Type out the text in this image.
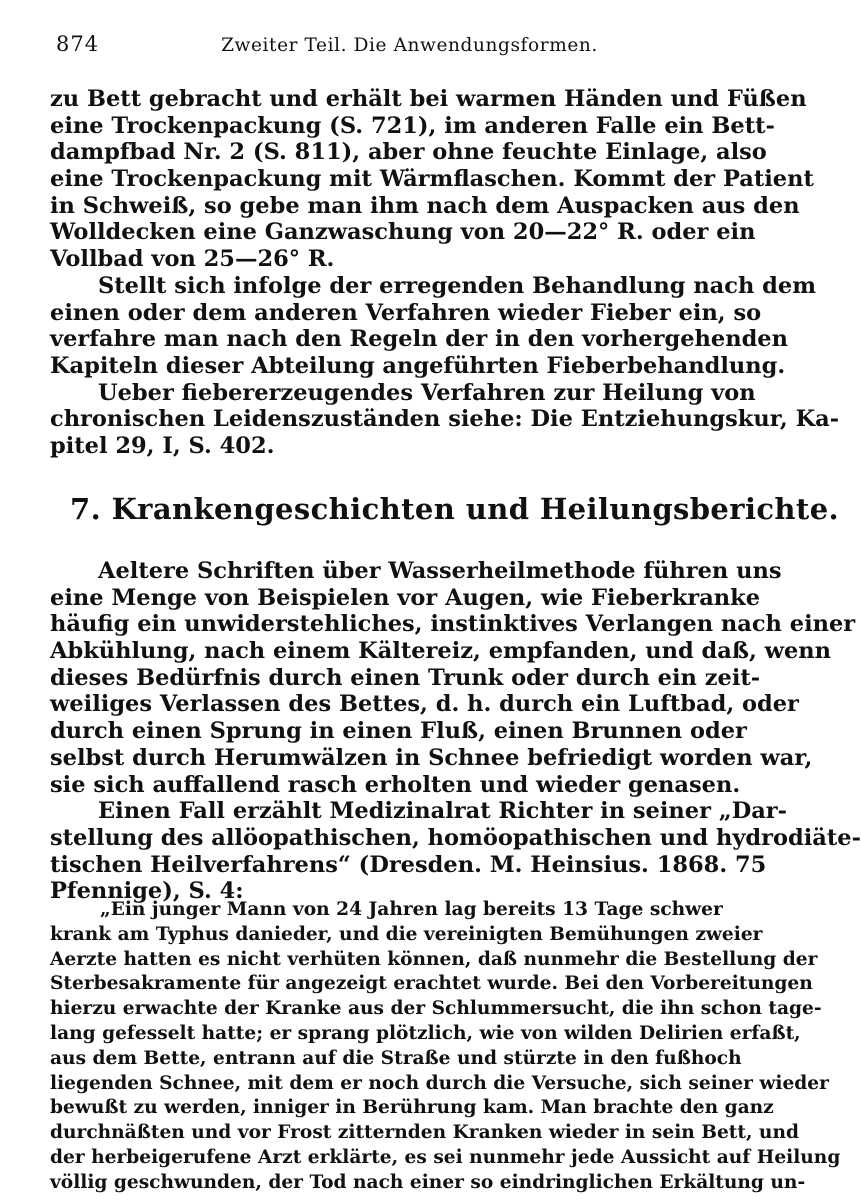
874	Zweiter Teil. Die Anwendungsformen.
zu Bett gebracht und erhält bei warmen Händen und Füßen
eine Trockenpackung (S. 721), im anderen Falle ein Bett-
dampfbad Nr. 2 (S. 811), aber ohne feuchte Einlage, also
eine Trockenpackung mit Wärmflaschen. Kommt der Patient
in Schweiß, so gebe man ihm nach dem Auspacken aus den
Wolldecken eine Ganzwaschung von 20—22° R. oder ein
Vollbad von 25—26° R.
Stellt sich infolge der erregenden Behandlung nach dem
einen oder dem anderen Verfahren wieder Fieber ein, so
verfahre man nach den Regeln der in den vorhergehenden
Kapiteln dieser Abteilung angeführten Fieberbehandlung.
Ueber fiebererzeugendes Verfahren zur Heilung von
chronischen Leidenszuständen siehe: Die Entziehungskur, Ka-
pitel 29, I, S. 402.
7. Krankengeschichten und Heilungsberichte.
Aeltere Schriften über Wasserheilmethode führen uns
eine Menge von Beispielen vor Augen, wie Fieberkranke
häufig ein unwiderstehliches, instinktives Verlangen nach einer
Abkühlung, nach einem Kältereiz, empfanden, und daß, wenn
dieses Bedürfnis durch einen Trunk oder durch ein zeit-
weiliges Verlassen des Bettes, d. h. durch ein Luftbad, oder
durch einen Sprung in einen Fluß, einen Brunnen oder
selbst durch Herumwälzen in Schnee befriedigt worden war,
sie sich auffallend rasch erholten und wieder genasen.
Einen Fall erzählt Medizinalrat Richter in seiner „Dar-
stellung des allöopathischen, homöopathischen und hydrodiäte-
tischen Heilverfahrens“ (Dresden. M. Heinsius. 1868. 75
Pfennige), S. 4:
„Ein junger Mann von 24 Jahren lag bereits 13 Tage schwer
krank am Typhus danieder, und die vereinigten Bemühungen zweier
Aerzte hatten es nicht verhüten können, daß nunmehr die Bestellung der
Sterbesakramente für angezeigt erachtet wurde. Bei den Vorbereitungen
hierzu erwachte der Kranke aus der Schlummersucht, die ihn schon tage-
lang gefesselt hatte; er sprang plötzlich, wie von wilden Delirien erfaßt,
aus dem Bette, entrann auf die Straße und stürzte in den fußhoch
liegenden Schnee, mit dem er noch durch die Versuche, sich seiner wieder
bewußt zu werden, inniger in Berührung kam. Man brachte den ganz
durchnäßten und vor Frost zitternden Kranken wieder in sein Bett, und
der herbeigerufene Arzt erklärte, es sei nunmehr jede Aussicht auf Heilung
völlig geschwunden, der Tod nach einer so eindringlichen Erkältung un-
